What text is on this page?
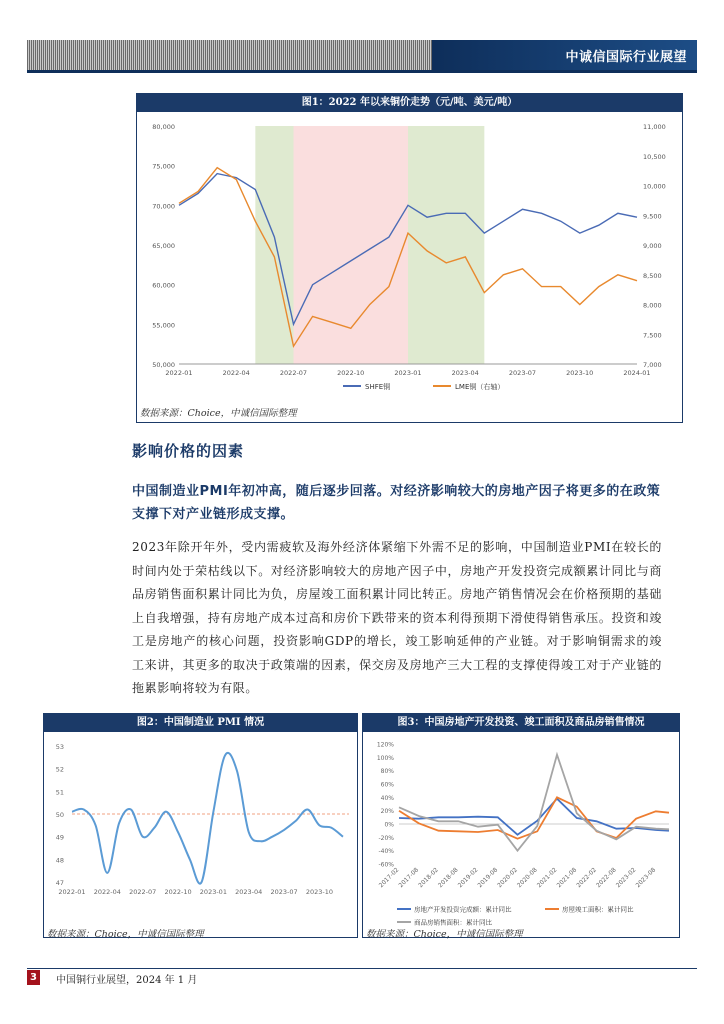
中诚信国际行业展望
图1：2022 年以来铜价走势（元/吨、美元/吨）
50,000
55,000
60,000
65,000
70,000
75,000
80,000
7,000
7,500
8,000
8,500
9,000
9,500
10,000
10,500
11,000
2022-01	2022-04	2022-07	2022-10	2023-01	2023-04	2023-07	2023-10	2024-01
SHFE铜	LME铜（右轴）
数据来源：Choice，中诚信国际整理
影响价格的因素
中国制造业PMI年初冲高，随后逐步回落。对经济影响较大的房地产因子将更多的在政策支撑下对产业链形成支撑。
2023年除开年外，受内需疲软及海外经济体紧缩下外需不足的影响，中国制造业PMI在较长的时间内处于荣枯线以下。对经济影响较大的房地产因子中，房地产开发投资完成额累计同比与商品房销售面积累计同比为负，房屋竣工面积累计同比转正。房地产销售情况会在价格预期的基础上自我增强，持有房地产成本过高和房价下跌带来的资本利得预期下滑使得销售承压。投资和竣工是房地产的核心问题，投资影响GDP的增长，竣工影响延伸的产业链。对于影响铜需求的竣工来讲，其更多的取决于政策端的因素，保交房及房地产三大工程的支撑使得竣工对于产业链的拖累影响将较为有限。
图2：中国制造业 PMI 情况
47
48
49
50
51
52
53
2022-01 2022-04 2022-07 2022-10 2023-01 2023-04 2023-07 2023-10
数据来源：Choice，中诚信国际整理
图3：中国房地产开发投资、竣工面积及商品房销售情况
-60%
-40%
-20%
0%
20%
40%
60%
80%
100%
120%
2017-02
2017-08
2018-02
2018-08
2019-02
2019-08
2020-02
2020-08
2021-02
2021-08
2022-02
2022-08
2023-02
2023-08
房地产开发投资完成额：累计同比	房屋竣工面积：累计同比
商品房销售面积：累计同比
数据来源：Choice，中诚信国际整理
3	中国铜行业展望，2024 年 1 月
